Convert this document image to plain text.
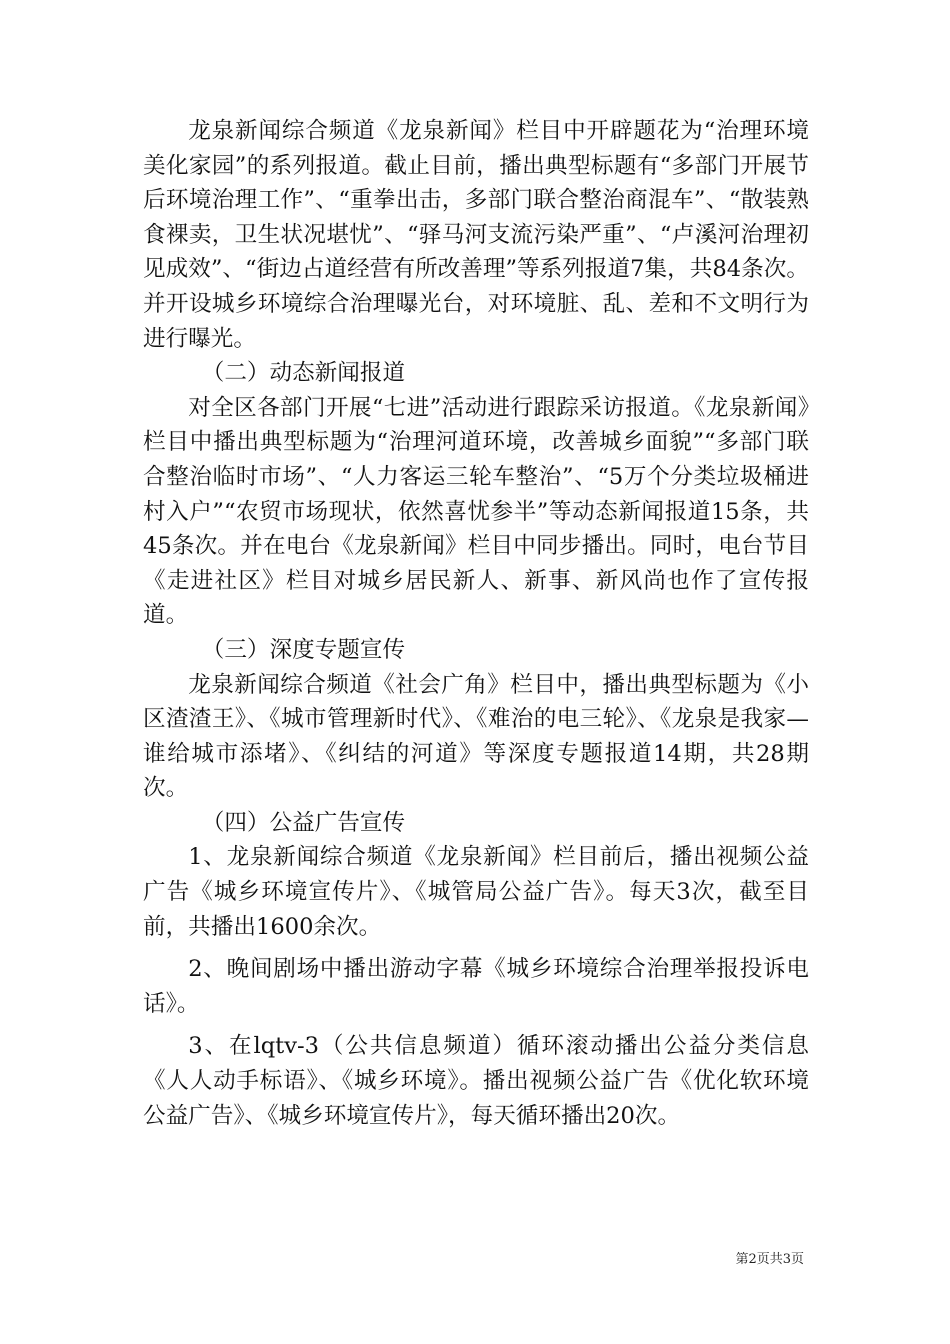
龙泉新闻综合频道《龙泉新闻》栏目中开辟题花为“治理环境美化家园”的系列报道。截止目前，播出典型标题有“多部门开展节后环境治理工作”、“重拳出击，多部门联合整治商混车”、“散装熟食裸卖，卫生状况堪忧”、“驿马河支流污染严重”、“卢溪河治理初见成效”、“街边占道经营有所改善理”等系列报道7集，共84条次。并开设城乡环境综合治理曝光台，对环境脏、乱、差和不文明行为进行曝光。

（二）动态新闻报道

对全区各部门开展“七进”活动进行跟踪采访报道。《龙泉新闻》栏目中播出典型标题为“治理河道环境，改善城乡面貌”“多部门联合整治临时市场”、“人力客运三轮车整治”、“5万个分类垃圾桶进村入户”“农贸市场现状，依然喜忧参半”等动态新闻报道15条，共45条次。并在电台《龙泉新闻》栏目中同步播出。同时，电台节目《走进社区》栏目对城乡居民新人、新事、新风尚也作了宣传报道。

（三）深度专题宣传

龙泉新闻综合频道《社会广角》栏目中，播出典型标题为《小区渣渣王》、《城市管理新时代》、《难治的电三轮》、《龙泉是我家—谁给城市添堵》、《纠结的河道》等深度专题报道14期，共28期次。

（四）公益广告宣传

1、龙泉新闻综合频道《龙泉新闻》栏目前后，播出视频公益广告《城乡环境宣传片》、《城管局公益广告》。每天3次，截至目前，共播出1600余次。

2、晚间剧场中播出游动字幕《城乡环境综合治理举报投诉电话》。

3、在lqtv-3（公共信息频道）循环滚动播出公益分类信息《人人动手标语》、《城乡环境》。播出视频公益广告《优化软环境公益广告》、《城乡环境宣传片》，每天循环播出20次。

第2页共3页
